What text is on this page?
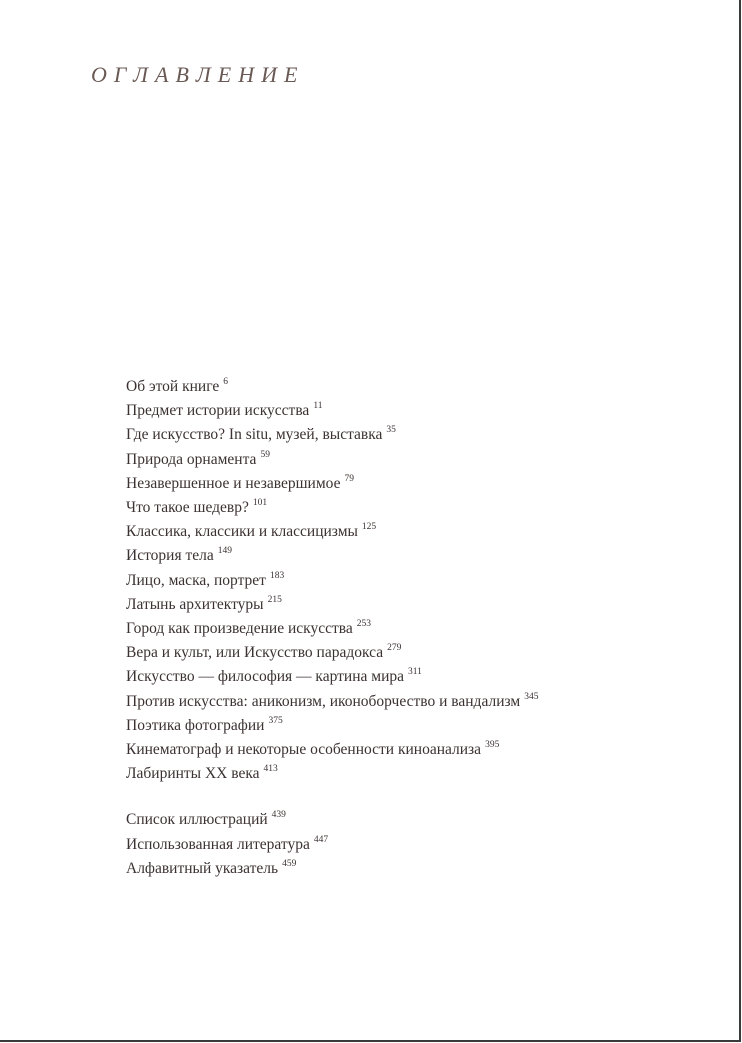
ОГЛАВЛЕНИЕ
Об этой книге $^6$
Предмет истории искусства $^{11}$
Где искусство? In situ, музей, выставка $^{35}$
Природа орнамента $^{59}$
Незавершенное и незавершимое $^{79}$
Что такое шедевр? $^{101}$
Классика, классики и классицизмы $^{125}$
История тела $^{149}$
Лицо, маска, портрет $^{183}$
Латынь архитектуры $^{215}$
Город как произведение искусства $^{253}$
Вера и культ, или Искусство парадокса $^{279}$
Искусство — философия — картина мира $^{311}$
Против искусства: аниконизм, иконоборчество и вандализм $^{345}$
Поэтика фотографии $^{375}$
Кинематограф и некоторые особенности киноанализа $^{395}$
Лабиринты XX века $^{413}$
Список иллюстраций $^{439}$
Использованная литература $^{447}$
Алфавитный указатель $^{459}$
